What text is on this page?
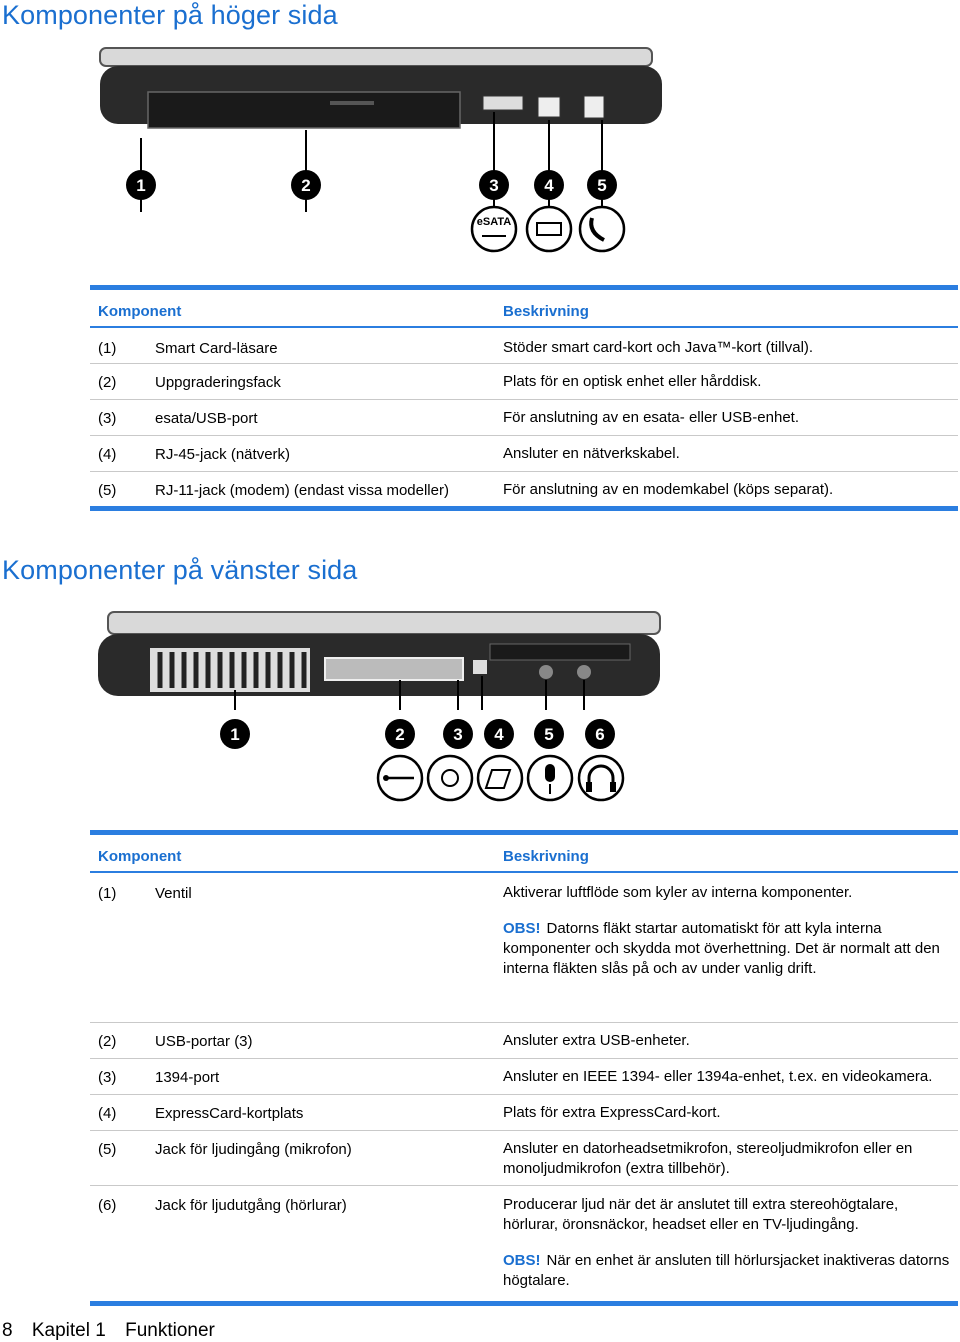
Komponenter på höger sida
1	2	3	4	5
eSATA
Komponent	Beskrivning
(1)	Smart Card-läsare	Stöder smart card-kort och Java™-kort (tillval).
(2)	Uppgraderingsfack	Plats för en optisk enhet eller hårddisk.
(3)	esata/USB-port	För anslutning av en esata- eller USB-enhet.
(4)	RJ-45-jack (nätverk)	Ansluter en nätverkskabel.
(5)	RJ-11-jack (modem) (endast vissa modeller)	För anslutning av en modemkabel (köps separat).
Komponenter på vänster sida
1	2	3 4 5 6
Komponent	Beskrivning
(1)	Ventil	Aktiverar luftflöde som kyler av interna komponenter.
OBS! Datorns fläkt startar automatiskt för att kyla interna komponenter och skydda mot överhettning. Det är normalt att den interna fläkten slås på och av under vanlig drift.
(2)	USB-portar (3)	Ansluter extra USB-enheter.
(3)	1394-port	Ansluter en IEEE 1394- eller 1394a-enhet, t.ex. en videokamera.
(4)	ExpressCard-kortplats	Plats för extra ExpressCard-kort.
(5)	Jack för ljudingång (mikrofon)	Ansluter en datorheadsetmikrofon, stereoljudmikrofon eller en monoljudmikrofon (extra tillbehör).
(6)	Jack för ljudutgång (hörlurar)	Producerar ljud när det är anslutet till extra stereohögtalare, hörlurar, öronsnäckor, headset eller en TV-ljudingång.
OBS! När en enhet är ansluten till hörlursjacket inaktiveras datorns högtalare.
8 Kapitel 1 Funktioner
